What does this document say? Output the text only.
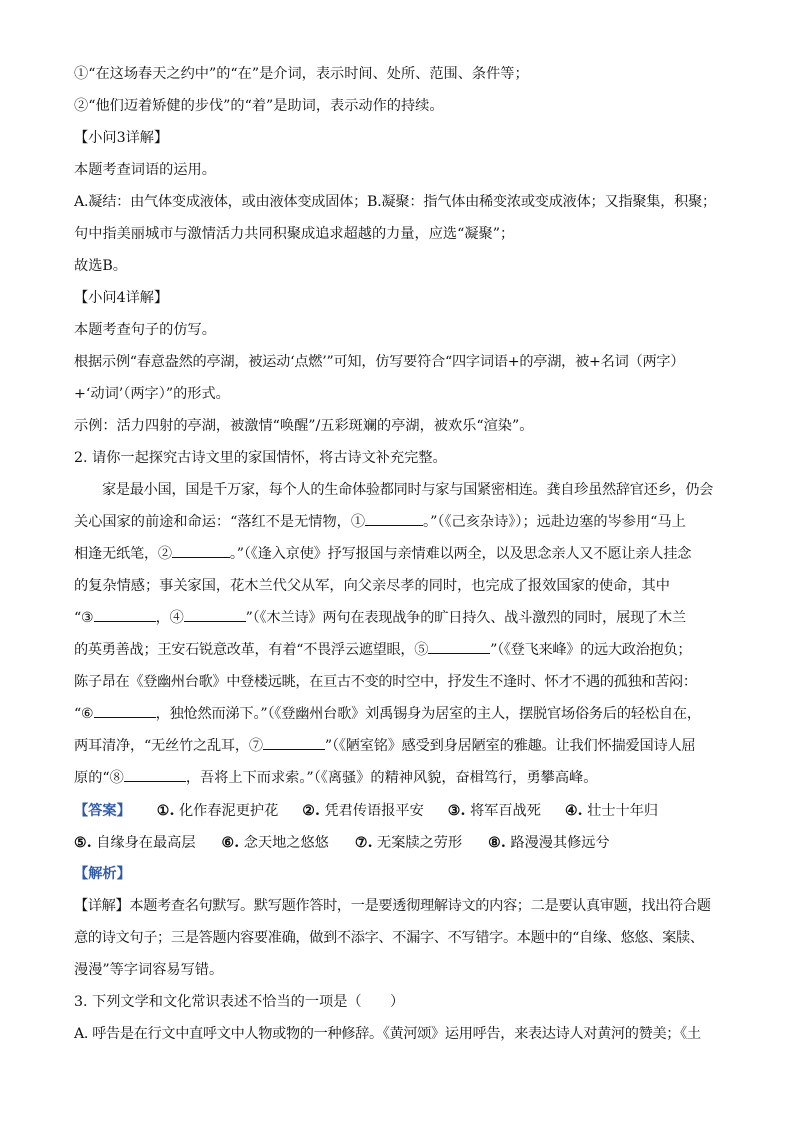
①“在这场春天之约中”的“在”是介词，表示时间、处所、范围、条件等；
②“他们迈着矫健的步伐”的“着”是助词，表示动作的持续。
【小问3详解】
本题考查词语的运用。
A.凝结：由气体变成液体，或由液体变成固体；B.凝聚：指气体由稀变浓或变成液体；又指聚集，积聚；
句中指美丽城市与激情活力共同积聚成追求超越的力量，应选“凝聚”；
故选B。
【小问4详解】
本题考查句子的仿写。
根据示例“春意盎然的亭湖，被运动‘点燃’”可知，仿写要符合“四字词语+的亭湖，被+名词（两字）
+‘动词’（两字）”的形式。
示例：活力四射的亭湖，被激情“唤醒”/五彩斑斓的亭湖，被欢乐“渲染”。
2. 请你一起探究古诗文里的家国情怀，将古诗文补充完整。
家是最小国，国是千万家，每个人的生命体验都同时与家与国紧密相连。龚自珍虽然辞官还乡，仍会
关心国家的前途和命运：“落红不是无情物，①	。”（《己亥杂诗》）；远赴边塞的岑参用“马上
相逢无纸笔，②	。”（《逢入京使》抒写报国与亲情难以两全，以及思念亲人又不愿让亲人挂念
的复杂情感；事关家国，花木兰代父从军，向父亲尽孝的同时，也完成了报效国家的使命，其中
“③	，④	”（《木兰诗》两句在表现战争的旷日持久、战斗激烈的同时，展现了木兰
的英勇善战；王安石锐意改革，有着“不畏浮云遮望眼，⑤	”（《登飞来峰》的远大政治抱负；
陈子昂在《登幽州台歌》中登楼远眺，在亘古不变的时空中，抒发生不逢时、怀才不遇的孤独和苦闷：
“⑥	，独怆然而涕下。”（《登幽州台歌》刘禹锡身为居室的主人，摆脱官场俗务后的轻松自在，
两耳清净，“无丝竹之乱耳，⑦	”（《陋室铭》感受到身居陋室的雅趣。让我们怀揣爱国诗人屈
原的“⑧	，吾将上下而求索。”（《离骚》的精神风貌，奋楫笃行，勇攀高峰。
【答案】 ①. 化作春泥更护花 ②. 凭君传语报平安 ③. 将军百战死 ④. 壮士十年归
⑤. 自缘身在最高层 ⑥. 念天地之悠悠 ⑦. 无案牍之劳形 ⑧. 路漫漫其修远兮
【解析】
【详解】本题考查名句默写。默写题作答时，一是要透彻理解诗文的内容；二是要认真审题，找出符合题
意的诗文句子；三是答题内容要准确，做到不添字、不漏字、不写错字。本题中的“自缘、悠悠、案牍、
漫漫”等字词容易写错。
3. 下列文学和文化常识表述不恰当的一项是（　　）
A. 呼告是在行文中直呼文中人物或物的一种修辞。《黄河颂》运用呼告，来表达诗人对黄河的赞美；《土
